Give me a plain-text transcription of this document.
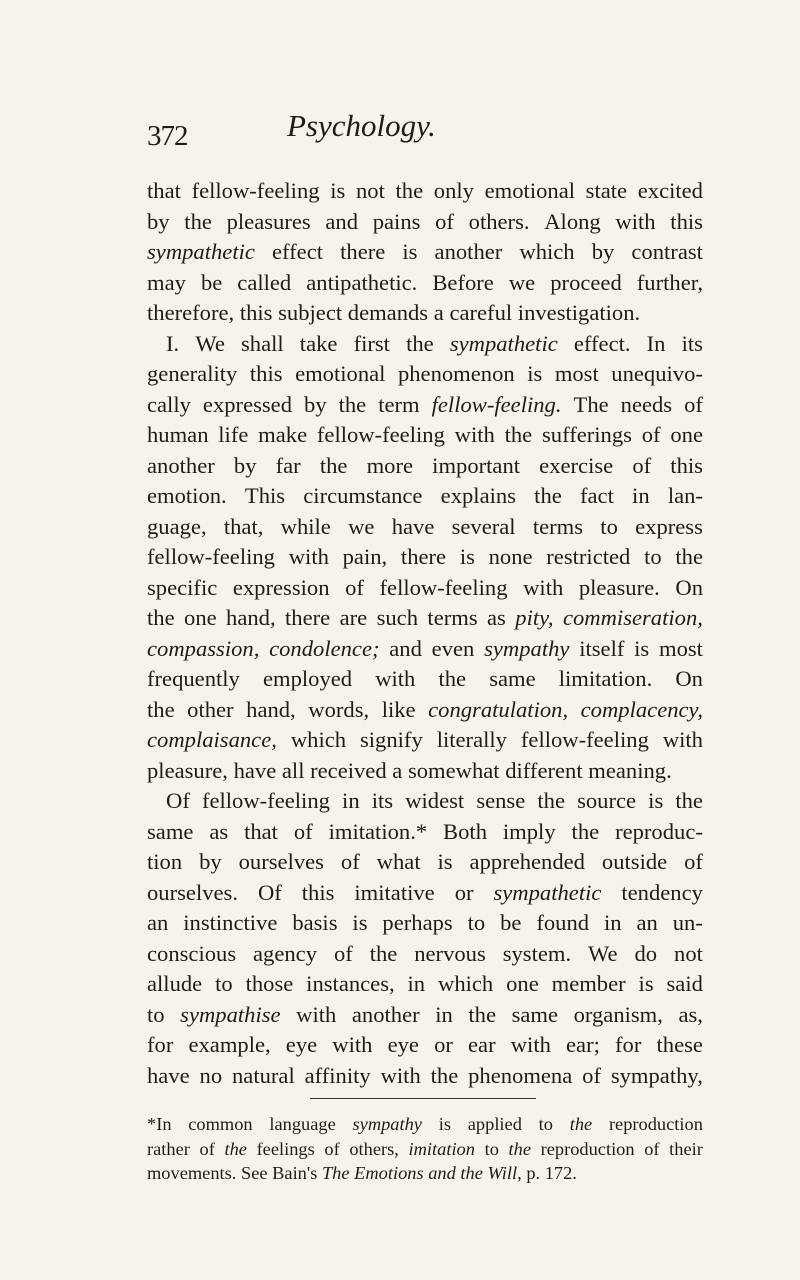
372	Psychology.
that fellow-feeling is not the only emotional state excited
by the pleasures and pains of others. Along with this
sympathetic effect there is another which by contrast
may be called antipathetic. Before we proceed further,
therefore, this subject demands a careful investigation.
I. We shall take first the sympathetic effect. In its
generality this emotional phenomenon is most unequivo-
cally expressed by the term fellow-feeling. The needs of
human life make fellow-feeling with the sufferings of one
another by far the more important exercise of this
emotion. This circumstance explains the fact in lan-
guage, that, while we have several terms to express
fellow-feeling with pain, there is none restricted to the
specific expression of fellow-feeling with pleasure. On
the one hand, there are such terms as pity, commiseration,
compassion, condolence; and even sympathy itself is most
frequently employed with the same limitation. On
the other hand, words, like congratulation, complacency,
complaisance, which signify literally fellow-feeling with
pleasure, have all received a somewhat different meaning.
Of fellow-feeling in its widest sense the source is the
same as that of imitation.* Both imply the reproduc-
tion by ourselves of what is apprehended outside of
ourselves. Of this imitative or sympathetic tendency
an instinctive basis is perhaps to be found in an un-
conscious agency of the nervous system. We do not
allude to those instances, in which one member is said
to sympathise with another in the same organism, as,
for example, eye with eye or ear with ear; for these
have no natural affinity with the phenomena of sympathy,
*In common language sympathy is applied to the reproduction
rather of the feelings of others, imitation to the reproduction of their
movements. See Bain's The Emotions and the Will, p. 172.
